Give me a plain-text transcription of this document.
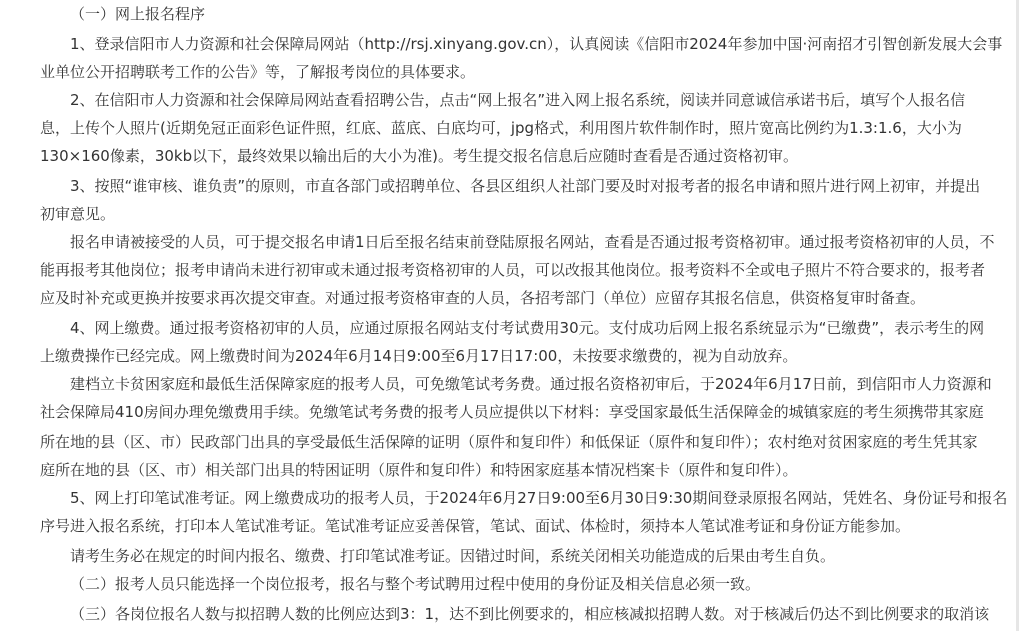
（一）网上报名程序
1、登录信阳市人力资源和社会保障局网站（http://rsj.xinyang.gov.cn），认真阅读《信阳市2024年参加中国·河南招才引智创新发展大会事
业单位公开招聘联考工作的公告》等，了解报考岗位的具体要求。
2、在信阳市人力资源和社会保障局网站查看招聘公告，点击“网上报名”进入网上报名系统，阅读并同意诚信承诺书后，填写个人报名信
息，上传个人照片(近期免冠正面彩色证件照，红底、蓝底、白底均可，jpg格式，利用图片软件制作时，照片宽高比例约为1.3:1.6，大小为
130×160像素，30kb以下，最终效果以输出后的大小为准)。考生提交报名信息后应随时查看是否通过资格初审。
3、按照“谁审核、谁负责”的原则，市直各部门或招聘单位、各县区组织人社部门要及时对报考者的报名申请和照片进行网上初审，并提出
初审意见。
报名申请被接受的人员，可于提交报名申请1日后至报名结束前登陆原报名网站，查看是否通过报考资格初审。通过报考资格初审的人员，不
能再报考其他岗位；报考申请尚未进行初审或未通过报考资格初审的人员，可以改报其他岗位。报考资料不全或电子照片不符合要求的，报考者
应及时补充或更换并按要求再次提交审查。对通过报考资格审查的人员，各招考部门（单位）应留存其报名信息，供资格复审时备查。
4、网上缴费。通过报考资格初审的人员，应通过原报名网站支付考试费用30元。支付成功后网上报名系统显示为“已缴费”，表示考生的网
上缴费操作已经完成。网上缴费时间为2024年6月14日9:00至6月17日17:00，未按要求缴费的，视为自动放弃。
建档立卡贫困家庭和最低生活保障家庭的报考人员，可免缴笔试考务费。通过报名资格初审后，于2024年6月17日前，到信阳市人力资源和
社会保障局410房间办理免缴费用手续。免缴笔试考务费的报考人员应提供以下材料：享受国家最低生活保障金的城镇家庭的考生须携带其家庭
所在地的县（区、市）民政部门出具的享受最低生活保障的证明（原件和复印件）和低保证（原件和复印件）；农村绝对贫困家庭的考生凭其家
庭所在地的县（区、市）相关部门出具的特困证明（原件和复印件）和特困家庭基本情况档案卡（原件和复印件）。
5、网上打印笔试准考证。网上缴费成功的报考人员，于2024年6月27日9:00至6月30日9:30期间登录原报名网站，凭姓名、身份证号和报名
序号进入报名系统，打印本人笔试准考证。笔试准考证应妥善保管，笔试、面试、体检时，须持本人笔试准考证和身份证方能参加。
请考生务必在规定的时间内报名、缴费、打印笔试准考证。因错过时间，系统关闭相关功能造成的后果由考生自负。
（二）报考人员只能选择一个岗位报考，报名与整个考试聘用过程中使用的身份证及相关信息必须一致。
（三）各岗位报名人数与拟招聘人数的比例应达到3：1，达不到比例要求的，相应核减拟招聘人数。对于核减后仍达不到比例要求的取消该
